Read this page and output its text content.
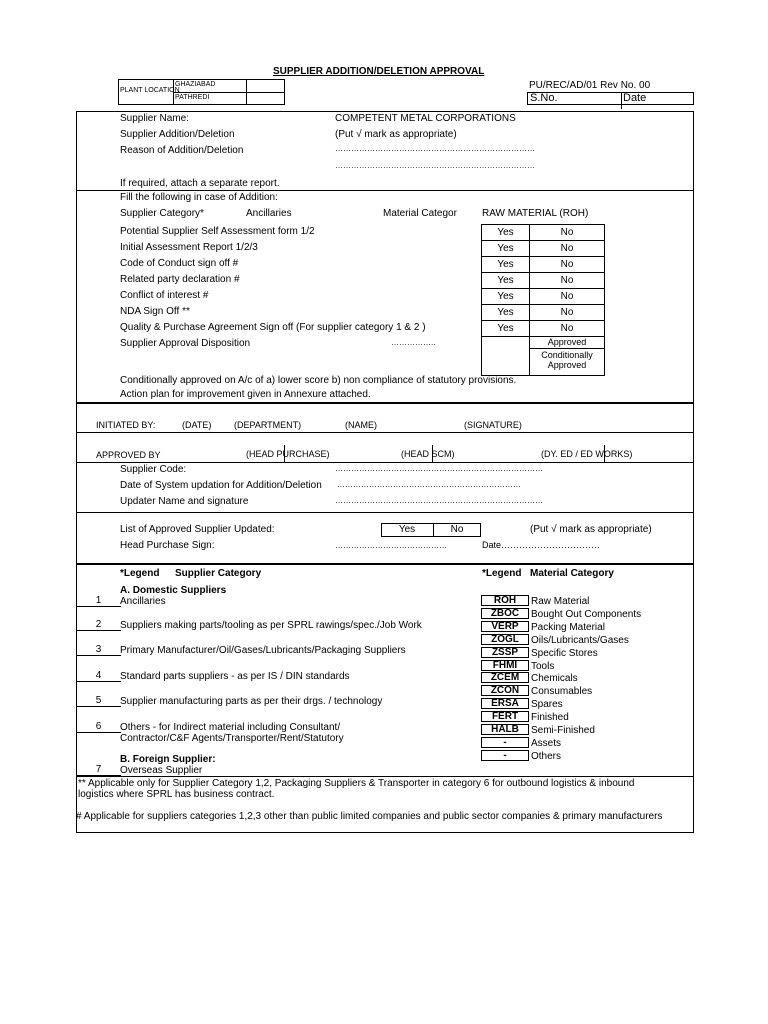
SUPPLIER ADDITION/DELETION APPROVAL
PLANT LOCATION
GHAZIABAD
PATHREDI
PU/REC/AD/01 Rev No. 00
S.No.	Date
Supplier Name:	COMPETENT METAL CORPORATIONS
Supplier Addition/Deletion	(Put √ mark as appropriate)
Reason of Addition/Deletion	…………………………………………………………………
…………………………………………………………………
If required, attach a separate report.
Fill the following in case of Addition:
Supplier Category*	Ancillaries	Material Categor	RAW MATERIAL (ROH)
Potential Supplier Self Assessment form 1/2	Yes	No
Initial Assessment Report 1/2/3	Yes	No
Code of Conduct sign off #	Yes	No
Related party declaration #	Yes	No
Conflict of interest #	Yes	No
NDA Sign Off **	Yes	No
Quality & Purchase Agreement Sign off (For supplier category 1 & 2 )	Yes	No
Supplier Approval Disposition	……………..	Approved
Conditionally Approved
Conditionally approved on A/c of a) lower score b) non compliance of statutory provisions.
Action plan for improvement given in Annexure attached.
INITIATED BY:	(DATE)	(DEPARTMENT)	(NAME)	(SIGNATURE)
APPROVED BY	(HEAD PURCHASE)	(HEAD SCM)	(DY. ED / ED WORKS)
Supplier Code:	……………………………………………………………………
Date of System updation for Addition/Deletion ……………………………………………………………
Updater Name and signature	……………………………………………………………………
List of Approved Supplier Updated:	Yes	No	(Put √ mark as appropriate)
Head Purchase Sign:	……………………………………	Date……………………………
*Legend Supplier Category	*Legend Material Category
A. Domestic Suppliers
1	Ancillaries
2	Suppliers making parts/tooling as per SPRL rawings/spec./Job Work
3	Primary Manufacturer/Oil/Gases/Lubricants/Packaging Suppliers
4	Standard parts suppliers - as per IS / DIN standards
5	Supplier manufacturing parts as per their drgs. / technology
6	Others - for Indirect material including Consultant/
Contractor/C&F Agents/Transporter/Rent/Statutory
ROH	Raw Material
ZBOC	Bought Out Components
VERP	Packing Material
ZOGL	Oils/Lubricants/Gases
ZSSP	Specific Stores
FHMI	Tools
ZCEM	Chemicals
ZCON	Consumables
ERSA	Spares
FERT	Finished
HALB	Semi-Finished
-	Assets
-	Others
B. Foreign Supplier:
7	Overseas Supplier
** Applicable only for Supplier Category 1,2, Packaging Suppliers & Transporter in category 6 for outbound logistics & inbound
logistics where SPRL has business contract.
# Applicable for suppliers categories 1,2,3 other than public limited companies and public sector companies & primary manufacturers
